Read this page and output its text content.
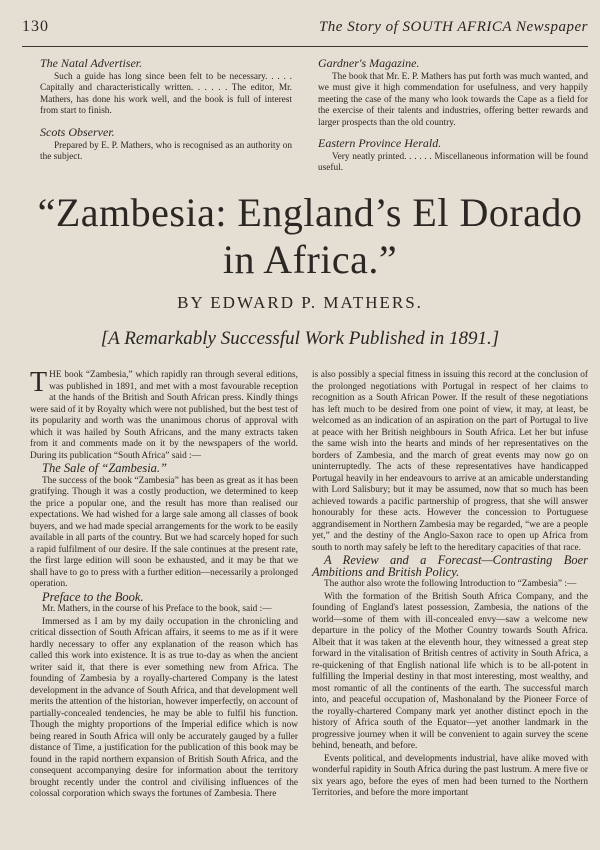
130	The Story of SOUTH AFRICA Newspaper

The Natal Advertiser.

Such a guide has long since been felt to be necessary. . . . . Capitally and characteristically written. . . . . . The editor, Mr. Mathers, has done his work well, and the book is full of interest from start to finish.

Scots Observer.

Prepared by E. P. Mathers, who is recognised as an authority on the subject.

Gardner's Magazine.

The book that Mr. E. P. Mathers has put forth was much wanted, and we must give it high commendation for usefulness, and very happily meeting the case of the many who look towards the Cape as a field for the exercise of their talents and industries, offering better rewards and larger prospects than the old country.

Eastern Province Herald.

Very neatly printed. . . . . . Miscellaneous information will be found useful.

“Zambesia: England’s El Dorado
in Africa.”
BY EDWARD P. MATHERS.
[A Remarkably Successful Work Published in 1891.]

THE book “Zambesia,” which rapidly ran through several editions, was published in 1891, and met with a most favourable reception at the hands of the British and South African press. Kindly things were said of it by Royalty which were not published, but the best test of its popularity and worth was the unanimous chorus of approval with which it was hailed by South Africans, and the many extracts taken from it and comments made on it by the newspapers of the world. During its publication “South Africa” said :—

The Sale of “Zambesia.”

The success of the book “Zambesia” has been as great as it has been gratifying. Though it was a costly production, we determined to keep the price a popular one, and the result has more than realised our expectations. We had wished for a large sale among all classes of book buyers, and we had made special arrangements for the work to be easily available in all parts of the country. But we had scarcely hoped for such a rapid fulfilment of our desire. If the sale continues at the present rate, the first large edition will soon be exhausted, and it may be that we shall have to go to press with a further edition—necessarily a prolonged operation.

Preface to the Book.

Mr. Mathers, in the course of his Preface to the book, said :—

Immersed as I am by my daily occupation in the chronicling and critical dissection of South African affairs, it seems to me as if it were hardly necessary to offer any explanation of the reason which has called this work into existence. It is as true to-day as when the ancient writer said it, that there is ever something new from Africa. The founding of Zambesia by a royally-chartered Company is the latest development in the advance of South Africa, and that development well merits the attention of the historian, however imperfectly, on account of partially-concealed tendencies, he may be able to fulfil his function. Though the mighty proportions of the Imperial edifice which is now being reared in South Africa will only be accurately gauged by a fuller distance of Time, a justification for the publication of this book may be found in the rapid northern expansion of British South Africa, and the consequent accompanying desire for information about the territory brought recently under the control and civilising influences of the colossal corporation which sways the fortunes of Zambesia. There

is also possibly a special fitness in issuing this record at the conclusion of the prolonged negotiations with Portugal in respect of her claims to recognition as a South African Power. If the result of these negotiations has left much to be desired from one point of view, it may, at least, be welcomed as an indication of an aspiration on the part of Portugal to live at peace with her British neighbours in South Africa. Let her but infuse the same wish into the hearts and minds of her representatives on the borders of Zambesia, and the march of great events may now go on uninterruptedly. The acts of these representatives have handicapped Portugal heavily in her endeavours to arrive at an amicable understanding with Lord Salisbury; but it may be assumed, now that so much has been achieved towards a pacific partnership of progress, that she will answer honourably for these acts. However the concession to Portuguese aggrandisement in Northern Zambesia may be regarded, “we are a people yet,” and the destiny of the Anglo-Saxon race to open up Africa from south to north may safely be left to the hereditary capacities of that race.

A Review and a Forecast—Contrasting Boer Ambitions and British Policy.

The author also wrote the following Introduction to “Zambesia” :—

With the formation of the British South Africa Company, and the founding of England's latest possession, Zambesia, the nations of the world—some of them with ill-concealed envy—saw a welcome new departure in the policy of the Mother Country towards South Africa. Albeit that it was taken at the eleventh hour, they witnessed a great step forward in the vitalisation of British centres of activity in South Africa, a re-quickening of that English national life which is to be all-potent in fulfilling the Imperial destiny in that most interesting, most wealthy, and most romantic of all the continents of the earth. The successful march into, and peaceful occupation of, Mashonaland by the Pioneer Force of the royally-chartered Company mark yet another distinct epoch in the history of Africa south of the Equator—yet another landmark in the progressive journey when it will be convenient to again survey the scene behind, beneath, and before.

Events political, and developments industrial, have alike moved with wonderful rapidity in South Africa during the past lustrum. A mere five or six years ago, before the eyes of men had been turned to the Northern Territories, and before the more important
